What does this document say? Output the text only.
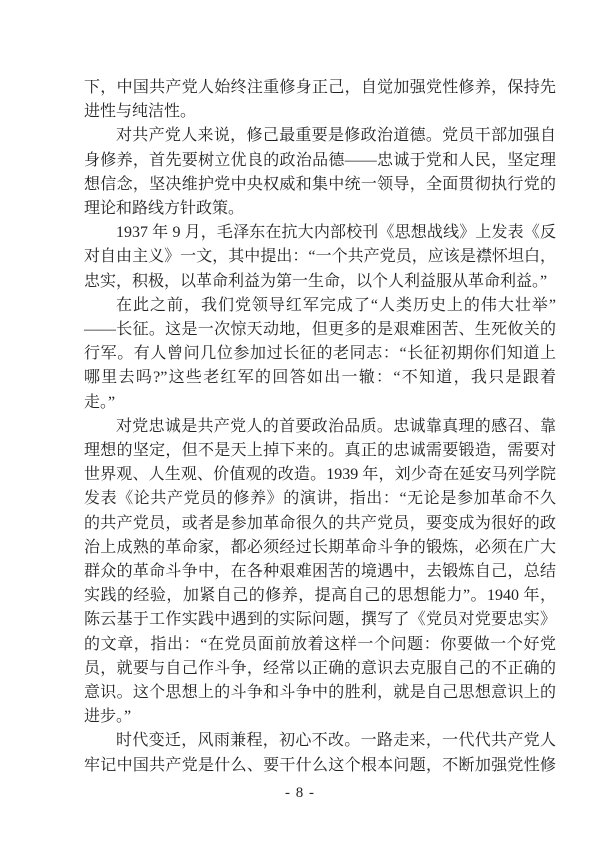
下，中国共产党人始终注重修身正己，自觉加强党性修养，保持先
进性与纯洁性。
对共产党人来说，修己最重要是修政治道德。党员干部加强自
身修养，首先要树立优良的政治品德——忠诚于党和人民，坚定理
想信念，坚决维护党中央权威和集中统一领导，全面贯彻执行党的
理论和路线方针政策。
1937 年 9 月，毛泽东在抗大内部校刊《思想战线》上发表《反
对自由主义》一文，其中提出：“一个共产党员，应该是襟怀坦白，
忠实，积极，以革命利益为第一生命，以个人利益服从革命利益。”
在此之前，我们党领导红军完成了“人类历史上的伟大壮举”
——长征。这是一次惊天动地，但更多的是艰难困苦、生死攸关的
行军。有人曾问几位参加过长征的老同志：“长征初期你们知道上
哪里去吗?”这些老红军的回答如出一辙：“不知道，我只是跟着
走。”
对党忠诚是共产党人的首要政治品质。忠诚靠真理的感召、靠
理想的坚定，但不是天上掉下来的。真正的忠诚需要锻造，需要对
世界观、人生观、价值观的改造。1939 年，刘少奇在延安马列学院
发表《论共产党员的修养》的演讲，指出：“无论是参加革命不久
的共产党员，或者是参加革命很久的共产党员，要变成为很好的政
治上成熟的革命家，都必须经过长期革命斗争的锻炼，必须在广大
群众的革命斗争中，在各种艰难困苦的境遇中，去锻炼自己，总结
实践的经验，加紧自己的修养，提高自己的思想能力”。1940 年，
陈云基于工作实践中遇到的实际问题，撰写了《党员对党要忠实》
的文章，指出：“在党员面前放着这样一个问题：你要做一个好党
员，就要与自己作斗争，经常以正确的意识去克服自己的不正确的
意识。这个思想上的斗争和斗争中的胜利，就是自己思想意识上的
进步。”
时代变迁，风雨兼程，初心不改。一路走来，一代代共产党人
牢记中国共产党是什么、要干什么这个根本问题，不断加强党性修
- 8 -
